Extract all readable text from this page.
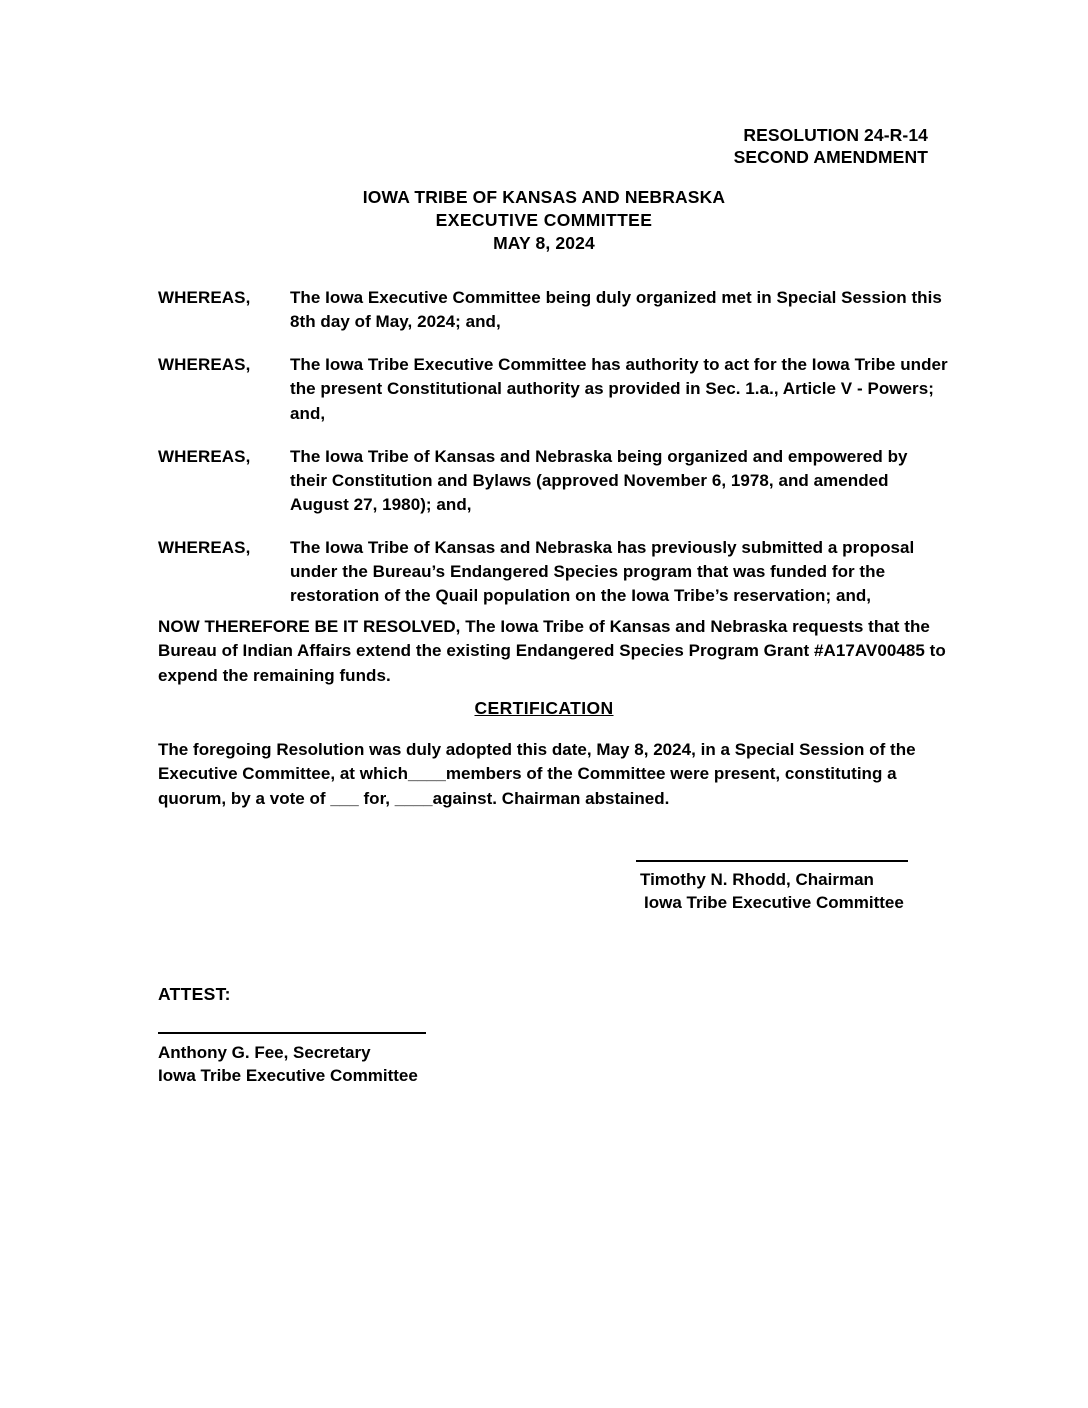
RESOLUTION 24-R-14
SECOND AMENDMENT
IOWA TRIBE OF KANSAS AND NEBRASKA
EXECUTIVE COMMITTEE
MAY 8, 2024
WHEREAS,	The Iowa Executive Committee being duly organized met in Special Session this 8th day of May, 2024; and,
WHEREAS,	The Iowa Tribe Executive Committee has authority to act for the Iowa Tribe under the present Constitutional authority as provided in Sec. 1.a., Article V - Powers; and,
WHEREAS,	The Iowa Tribe of Kansas and Nebraska being organized and empowered by their Constitution and Bylaws (approved November 6, 1978, and amended August 27, 1980); and,
WHEREAS,	The Iowa Tribe of Kansas and Nebraska has previously submitted a proposal under the Bureau’s Endangered Species program that was funded for the restoration of the Quail population on the Iowa Tribe’s reservation; and,
NOW THEREFORE BE IT RESOLVED, The Iowa Tribe of Kansas and Nebraska requests that the Bureau of Indian Affairs extend the existing Endangered Species Program Grant #A17AV00485 to expend the remaining funds.
CERTIFICATION
The foregoing Resolution was duly adopted this date, May 8, 2024, in a Special Session of the Executive Committee, at which____members of the Committee were present, constituting a quorum, by a vote of ___ for, ____against. Chairman abstained.
Timothy N. Rhodd, Chairman
Iowa Tribe Executive Committee
ATTEST:
Anthony G. Fee, Secretary
Iowa Tribe Executive Committee
